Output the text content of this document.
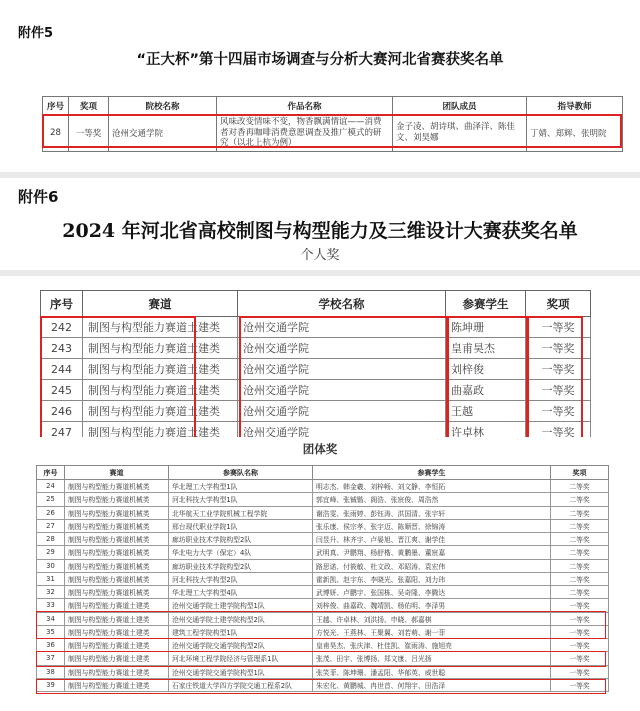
附件5
“正大杯”第十四届市场调查与分析大赛河北省赛获奖名单
序号	奖项	院校名称	作品名称	团队成员	指导教师
28	一等奖	沧州交通学院	风味改变情味不变，物香飘满情谊——消费者对香再咖啡消费意愿调查及推广模式的研究（以北上杭为例）	金子凌、胡诗琪、曲泽洋、陈佳文、刘昊娜	丁婧、郑辉、张明院
附件6
2024 年河北省高校制图与构型能力及三维设计大赛获奖名单
个人奖
序号	赛道	学校名称	参赛学生	奖项
242	制图与构型能力赛道土建类	沧州交通学院	陈坤珊	一等奖
243	制图与构型能力赛道土建类	沧州交通学院	皇甫昊杰	一等奖
244	制图与构型能力赛道土建类	沧州交通学院	刘梓俊	一等奖
245	制图与构型能力赛道土建类	沧州交通学院	曲嘉政	一等奖
246	制图与构型能力赛道土建类	沧州交通学院	王越	一等奖
247	制图与构型能力赛道土建类	沧州交通学院	许卓林	一等奖
团体奖
序号	赛道	参赛队名称	参赛学生	奖项
24	制图与构型能力赛道机械类	华北理工大学构型1队	明志杰、韩金羲、刘梓畅、刘文静、李恒拓	二等奖
25	制图与构型能力赛道机械类	河北科技大学构型1队	郭宜峰、张铖锴、阁浩、张宸俊、周浩然	二等奖
26	制图与构型能力赛道机械类	北华航天工业学院机械工程学院	谢浩雯、张雨婷、彭钰涛、洪国清、张宇轩	二等奖
27	制图与构型能力赛道机械类	邢台现代职业学院1队	张乐康、侯宗孝、张宇迈、陈顺晋、徐锦涛	二等奖
28	制图与构型能力赛道机械类	廊坊职业技术学院构型2队	闫昱升、林齐宇、卢晏旭、晋江爽、谢学佳	二等奖
29	制图与构型能力赛道机械类	华北电力大学（保定）4队	武明真、尹鹏翔、杨舒楷、黄鹏墨、董宸嘉	二等奖
30	制图与构型能力赛道机械类	廊坊职业技术学院构型2队	路思诺、付筱敏、杜文政、邓昭涛、袁宏伟	二等奖
31	制图与构型能力赛道机械类	河北科技大学构型2队	霍新凯、赵宇东、李晓光、张嘉阳、刘力玮	二等奖
32	制图与构型能力赛道机械类	华北理工大学构型4队	武博妍、卢鹏宇、张国栋、吴奇隆、李腾达	二等奖
33	制图与构型能力赛道土建类	沧州交通学院土建学院构型1队	刘梓俊、曲嘉政、魏靖凯、杨佑明、李泽男	一等奖
34	制图与构型能力赛道土建类	沧州交通学院土建学院构型2队	王越、许卓林、刘洪扬、申晓、郝嘉棋	一等奖
35	制图与构型能力赛道土建类	建筑工程学院构型1队	方悦光、王燕林、王聚翼、刘若萌、谢一菲	一等奖
36	制图与构型能力赛道土建类	沧州交通学院交通学院构型2队	皇甫昊杰、张庆津、杜佳凯、崔雨涛、施旭亮	一等奖
37	制图与构型能力赛道土建类	河北环境工程学院经济与管理系1队	张茂、田宇、张博扬、郑文康、吕光扬	一等奖
38	制图与构型能力赛道土建类	沧州交通学院交通学院构型1队	张笑菲、陈坤珊、潘孟阳、华郁英、威世聪	一等奖
39	制图与构型能力赛道土建类	石家庄铁道大学四方学院交通工程系2队	朱宏化、黄鹏城、冉世首、何翔宇、田浩泽	一等奖
